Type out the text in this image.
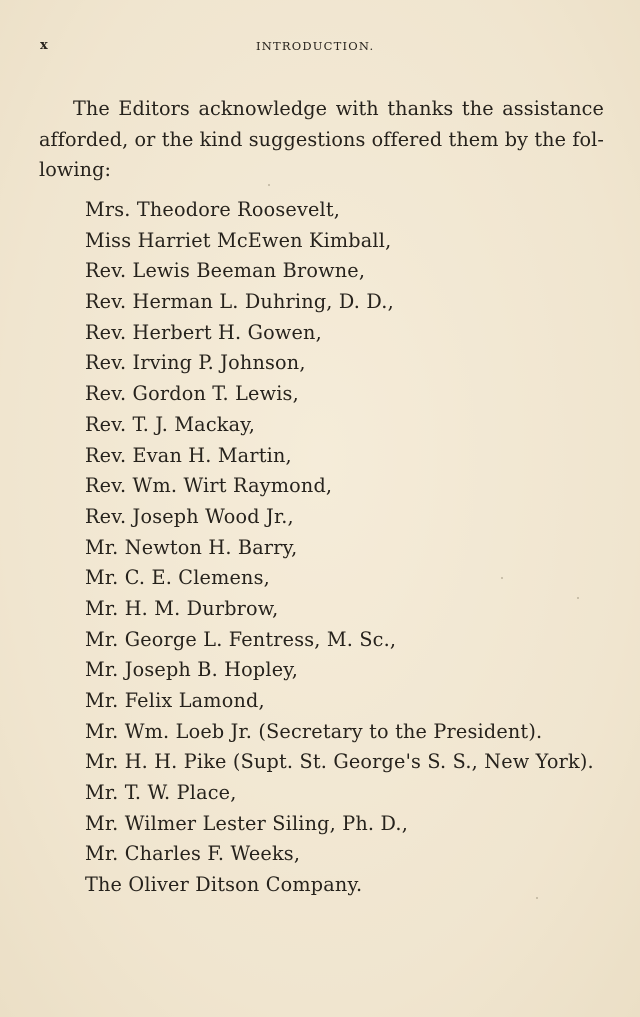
x	INTRODUCTION.

The Editors acknowledge with thanks the assistance afforded, or the kind suggestions offered them by the fol-lowing:

Mrs. Theodore Roosevelt,
Miss Harriet McEwen Kimball,
Rev. Lewis Beeman Browne,
Rev. Herman L. Duhring, D. D.,
Rev. Herbert H. Gowen,
Rev. Irving P. Johnson,
Rev. Gordon T. Lewis,
Rev. T. J. Mackay,
Rev. Evan H. Martin,
Rev. Wm. Wirt Raymond,
Rev. Joseph Wood Jr.,
Mr. Newton H. Barry,
Mr. C. E. Clemens,
Mr. H. M. Durbrow,
Mr. George L. Fentress, M. Sc.,
Mr. Joseph B. Hopley,
Mr. Felix Lamond,
Mr. Wm. Loeb Jr. (Secretary to the President).
Mr. H. H. Pike (Supt. St. George's S. S., New York).
Mr. T. W. Place,
Mr. Wilmer Lester Siling, Ph. D.,
Mr. Charles F. Weeks,
The Oliver Ditson Company.
